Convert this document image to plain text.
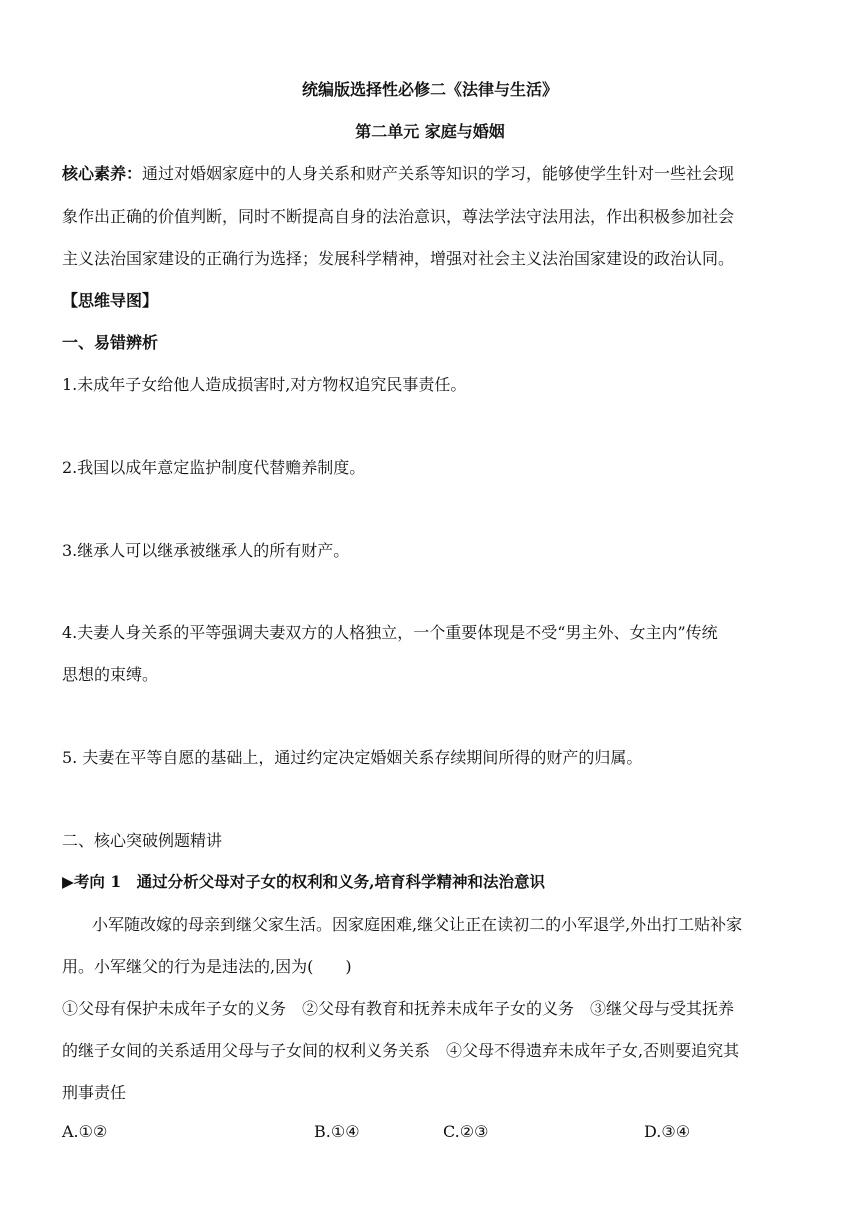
统编版选择性必修二《法律与生活》
第二单元 家庭与婚姻
核心素养：通过对婚姻家庭中的人身关系和财产关系等知识的学习，能够使学生针对一些社会现
象作出正确的价值判断，同时不断提高自身的法治意识，尊法学法守法用法，作出积极参加社会
主义法治国家建设的正确行为选择；发展科学精神，增强对社会主义法治国家建设的政治认同。
【思维导图】
一、易错辨析
1.未成年子女给他人造成损害时,对方物权追究民事责任。
2.我国以成年意定监护制度代替赡养制度。
3.继承人可以继承被继承人的所有财产。
4.夫妻人身关系的平等强调夫妻双方的人格独立，一个重要体现是不受“男主外、女主内”传统
思想的束缚。
5. 夫妻在平等自愿的基础上，通过约定决定婚姻关系存续期间所得的财产的归属。
二、核心突破例题精讲
▶考向 1　通过分析父母对子女的权利和义务,培育科学精神和法治意识
小军随改嫁的母亲到继父家生活。因家庭困难,继父让正在读初二的小军退学,外出打工贴补家
用。小军继父的行为是违法的,因为(　　)
①父母有保护未成年子女的义务　②父母有教育和抚养未成年子女的义务　③继父母与受其抚养
的继子女间的关系适用父母与子女间的权利义务关系　④父母不得遗弃未成年子女,否则要追究其
刑事责任
A.①②	B.①④	C.②③	D.③④
